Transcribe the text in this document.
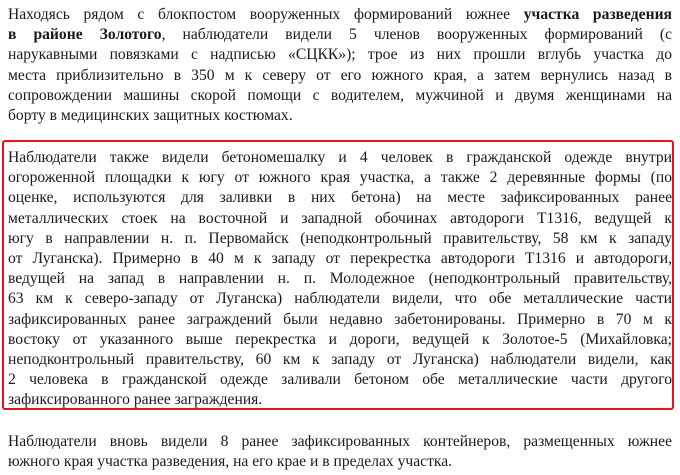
Находясь рядом с блокпостом вооруженных формирований южнее участка разведения
в районе Золотого, наблюдатели видели 5 членов вооруженных формирований (с
нарукавными повязками с надписью «СЦКК»); трое из них прошли вглубь участка до
места приблизительно в 350 м к северу от его южного края, а затем вернулись назад в
сопровождении машины скорой помощи с водителем, мужчиной и двумя женщинами на
борту в медицинских защитных костюмах.

Наблюдатели также видели бетономешалку и 4 человек в гражданской одежде внутри
огороженной площадки к югу от южного края участка, а также 2 деревянные формы (по
оценке, используются для заливки в них бетона) на месте зафиксированных ранее
металлических стоек на восточной и западной обочинах автодороги Т1316, ведущей к
югу в направлении н. п. Первомайск (неподконтрольный правительству, 58 км к западу
от Луганска). Примерно в 40 м к западу от перекрестка автодороги Т1316 и автодороги,
ведущей на запад в направлении н. п. Молодежное (неподконтрольный правительству,
63 км к северо-западу от Луганска) наблюдатели видели, что обе металлические части
зафиксированных ранее заграждений были недавно забетонированы. Примерно в 70 м к
востоку от указанного выше перекрестка и дороги, ведущей к Золотое-5 (Михайловка;
неподконтрольный правительству, 60 км к западу от Луганска) наблюдатели видели, как
2 человека в гражданской одежде заливали бетоном обе металлические части другого
зафиксированного ранее заграждения.

Наблюдатели вновь видели 8 ранее зафиксированных контейнеров, размещенных южнее
южного края участка разведения, на его крае и в пределах участка.
